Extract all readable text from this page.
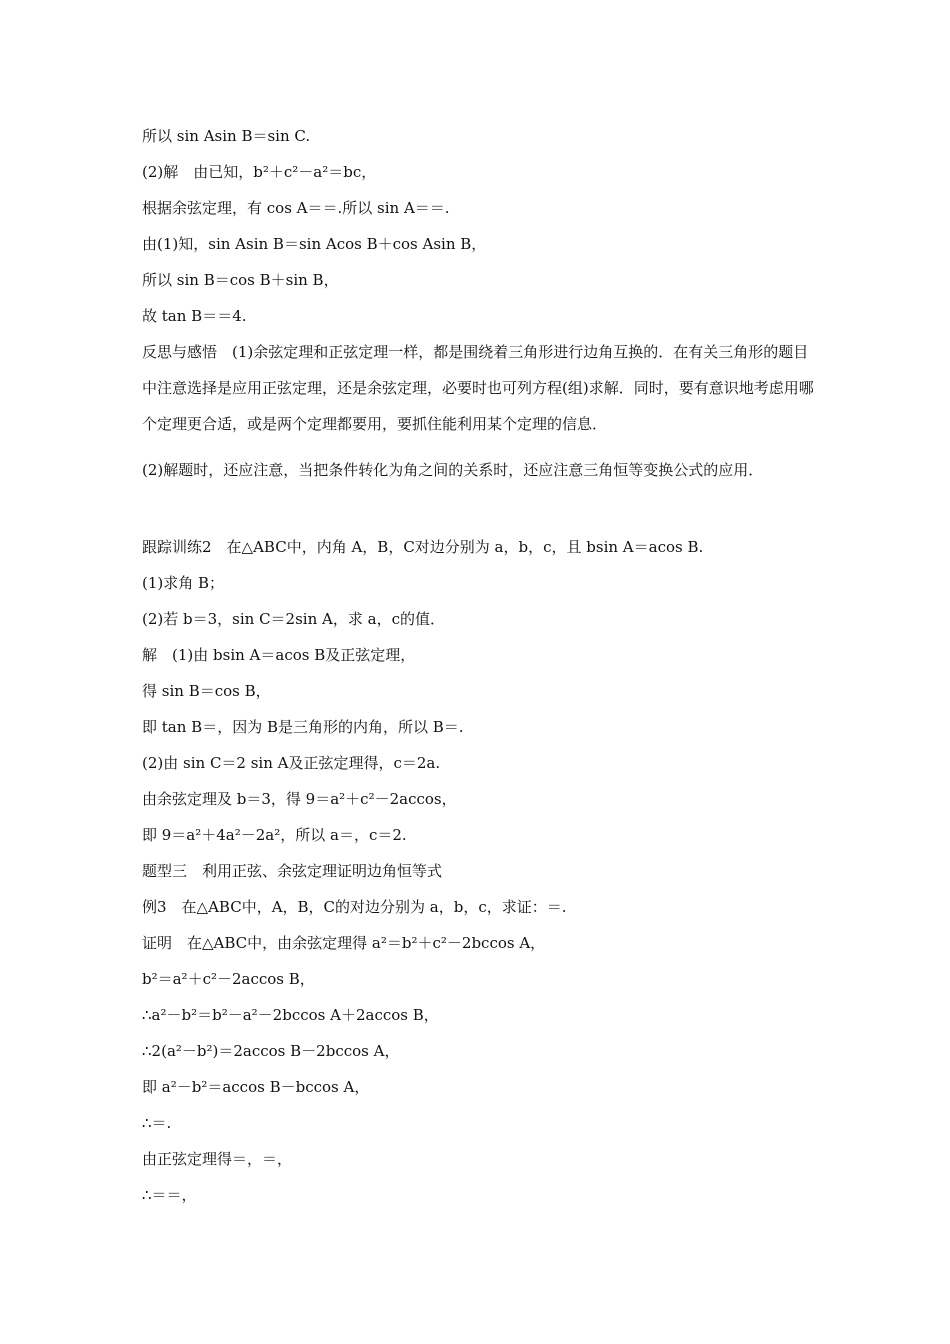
所以 sin Asin B＝sin C.
(2)解　由已知，b²＋c²－a²＝bc，
根据余弦定理，有 cos A＝＝.所以 sin A＝＝.
由(1)知，sin Asin B＝sin Acos B＋cos Asin B，
所以 sin B＝cos B＋sin B，
故 tan B＝＝4.
反思与感悟　(1)余弦定理和正弦定理一样，都是围绕着三角形进行边角互换的．在有关三角形的题目中注意选择是应用正弦定理，还是余弦定理，必要时也可列方程(组)求解．同时，要有意识地考虑用哪个定理更合适，或是两个定理都要用，要抓住能利用某个定理的信息．
(2)解题时，还应注意，当把条件转化为角之间的关系时，还应注意三角恒等变换公式的应用．
跟踪训练2　在△ABC中，内角 A，B，C对边分别为 a，b，c，且 bsin A＝acos B.
(1)求角 B；
(2)若 b＝3，sin C＝2sin A，求 a，c的值．
解　(1)由 bsin A＝acos B及正弦定理，
得 sin B＝cos B，
即 tan B＝，因为 B是三角形的内角，所以 B＝.
(2)由 sin C＝2 sin A及正弦定理得，c＝2a.
由余弦定理及 b＝3，得 9＝a²＋c²－2accos，
即 9＝a²＋4a²－2a²，所以 a＝，c＝2.
题型三　利用正弦、余弦定理证明边角恒等式
例3　在△ABC中，A，B，C的对边分别为 a，b，c，求证：＝.
证明　在△ABC中，由余弦定理得 a²＝b²＋c²－2bccos A，
b²＝a²＋c²－2accos B，
∴a²－b²＝b²－a²－2bccos A＋2accos B，
∴2(a²－b²)＝2accos B－2bccos A，
即 a²－b²＝accos B－bccos A，
∴＝.
由正弦定理得＝，＝，
∴＝＝，
